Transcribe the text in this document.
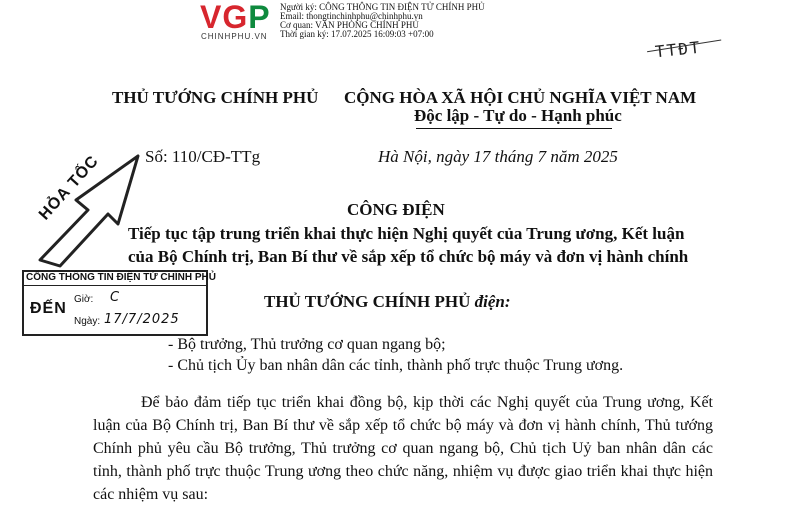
VGP
CHINHPHU.VN
Người ký: CÔNG THÔNG TIN ĐIỆN TỬ CHÍNH PHỦ
Email: thongtinchinhphu@chinhphu.vn
Cơ quan: VĂN PHÒNG CHÍNH PHỦ
Thời gian ký: 17.07.2025 16:09:03 +07:00
TTĐT
THỦ TƯỚNG CHÍNH PHỦ
Số: 110/CĐ-TTg
CỘNG HÒA XÃ HỘI CHỦ NGHĨA VIỆT NAM
Độc lập - Tự do - Hạnh phúc
Hà Nội, ngày 17 tháng 7 năm 2025
CÔNG ĐIỆN
Tiếp tục tập trung triển khai thực hiện Nghị quyết của Trung ương, Kết luận
của Bộ Chính trị, Ban Bí thư về sắp xếp tổ chức bộ máy và đơn vị hành chính
THỦ TƯỚNG CHÍNH PHỦ điện:
- Bộ trưởng, Thủ trưởng cơ quan ngang bộ;
- Chủ tịch Ủy ban nhân dân các tỉnh, thành phố trực thuộc Trung ương.
Để bảo đảm tiếp tục triển khai đồng bộ, kịp thời các Nghị quyết của Trung ương, Kết luận của Bộ Chính trị, Ban Bí thư về sắp xếp tổ chức bộ máy và đơn vị hành chính, Thủ tướng Chính phủ yêu cầu Bộ trưởng, Thủ trưởng cơ quan ngang bộ, Chủ tịch Uỷ ban nhân dân các tỉnh, thành phố trực thuộc Trung ương theo chức năng, nhiệm vụ được giao triển khai thực hiện các nhiệm vụ sau:
HỎA TỐC
CỔNG THÔNG TIN ĐIỆN TỬ CHÍNH PHỦ
ĐẾN
Giờ: C
Ngày: 17/7/2025
